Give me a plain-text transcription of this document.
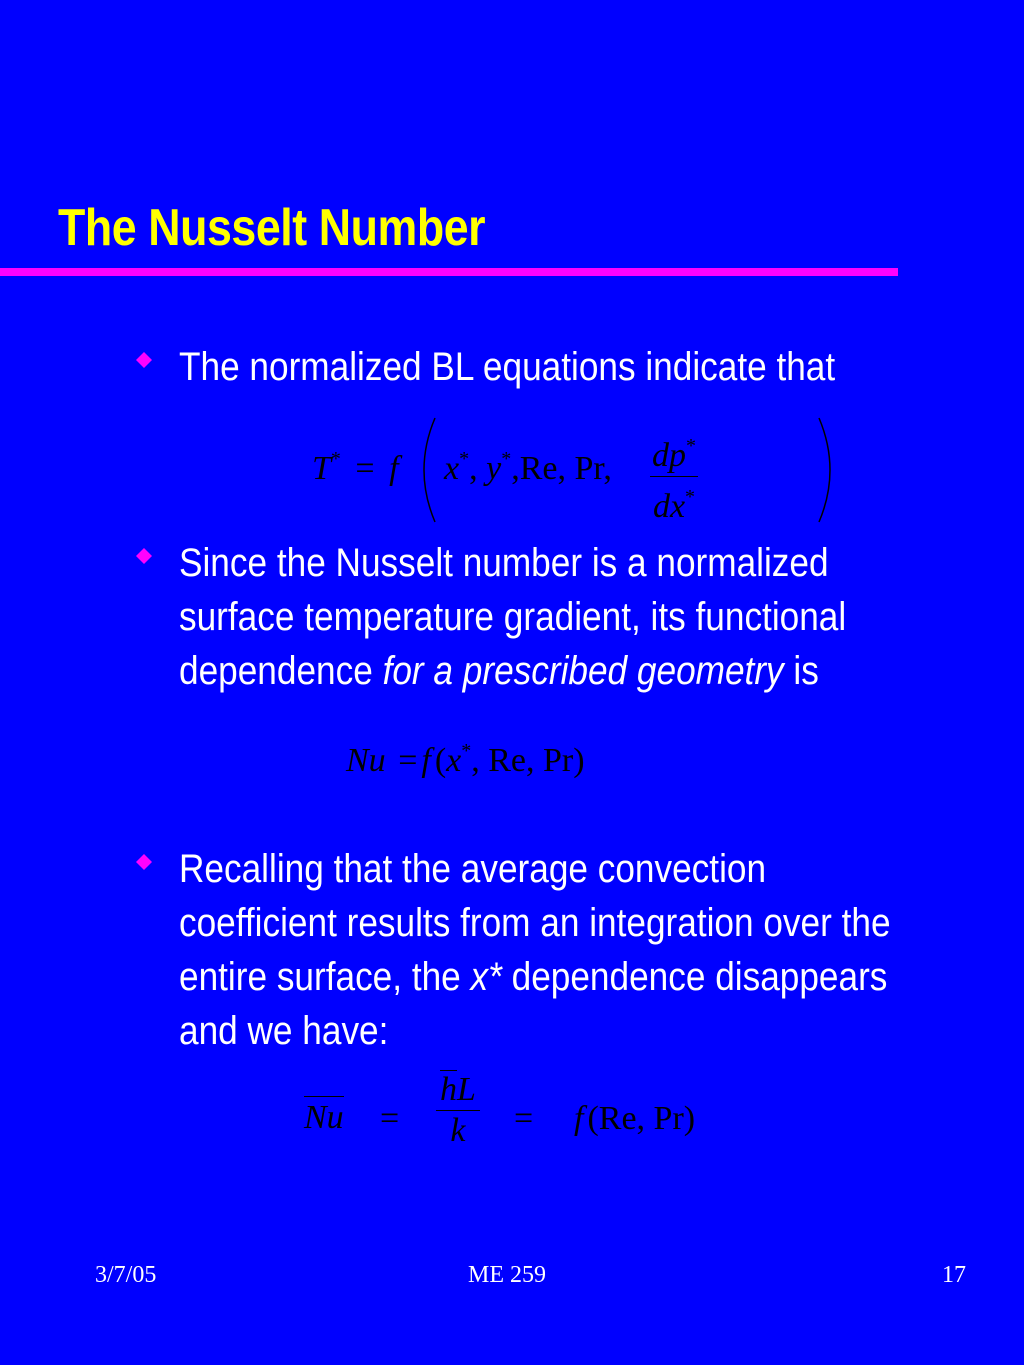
The Nusselt Number
The normalized BL equations indicate that
T* = f x*, y*,Re, Pr, $\frac{dp^*}{dx^*}$
Since the Nusselt number is a normalized
surface temperature gradient, its functional
dependence for a prescribed geometry is
Nu = f (x*, Re, Pr)
Recalling that the average convection
coefficient results from an integration over the
entire surface, the x* dependence disappears
and we have:
$Nu = \frac{hL}{k} = f$ (Re, Pr)
3/7/05	ME 259	17
